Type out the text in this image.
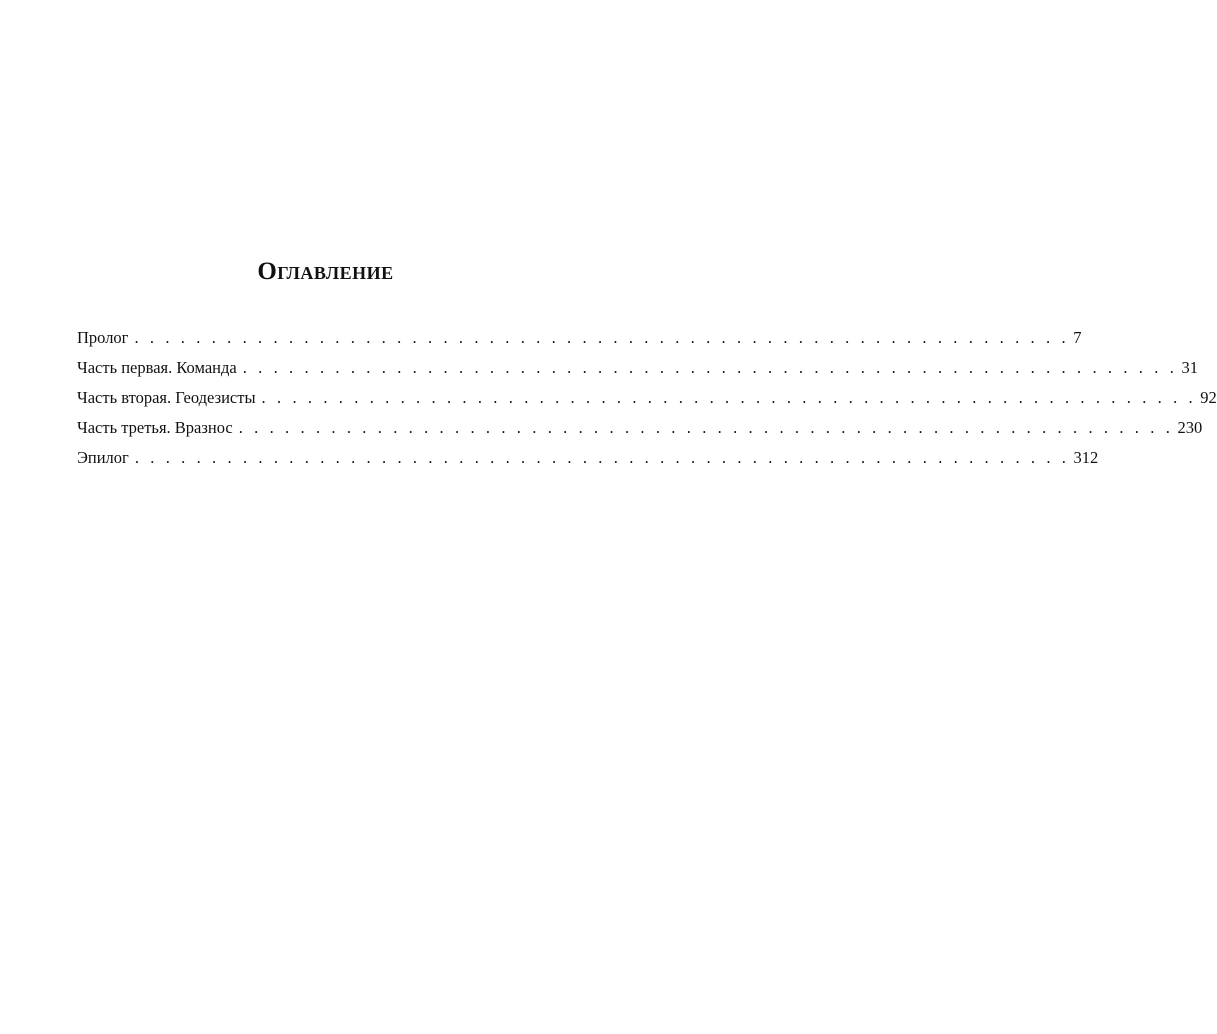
Оглавление
Пролог . . . . . . . . . . . . . . . . . . . . . . . . . . . . . . . . . . . . . . . . . . . . . . . . . . . . . . . . . . . . . 7
Часть первая. Команда . . . . . . . . . . . . . . . . . . . . . . . . . . . . . . . . . . . . . . . . . . . . . . . . . . . . . . . . . . . . . 31
Часть вторая. Геодезисты . . . . . . . . . . . . . . . . . . . . . . . . . . . . . . . . . . . . . . . . . . . . . . . . . . . . . . . . . . . . . 92
Часть третья. Вразнос . . . . . . . . . . . . . . . . . . . . . . . . . . . . . . . . . . . . . . . . . . . . . . . . . . . . . . . . . . . . . 230
Эпилог . . . . . . . . . . . . . . . . . . . . . . . . . . . . . . . . . . . . . . . . . . . . . . . . . . . . . . . . . . . . . 312
